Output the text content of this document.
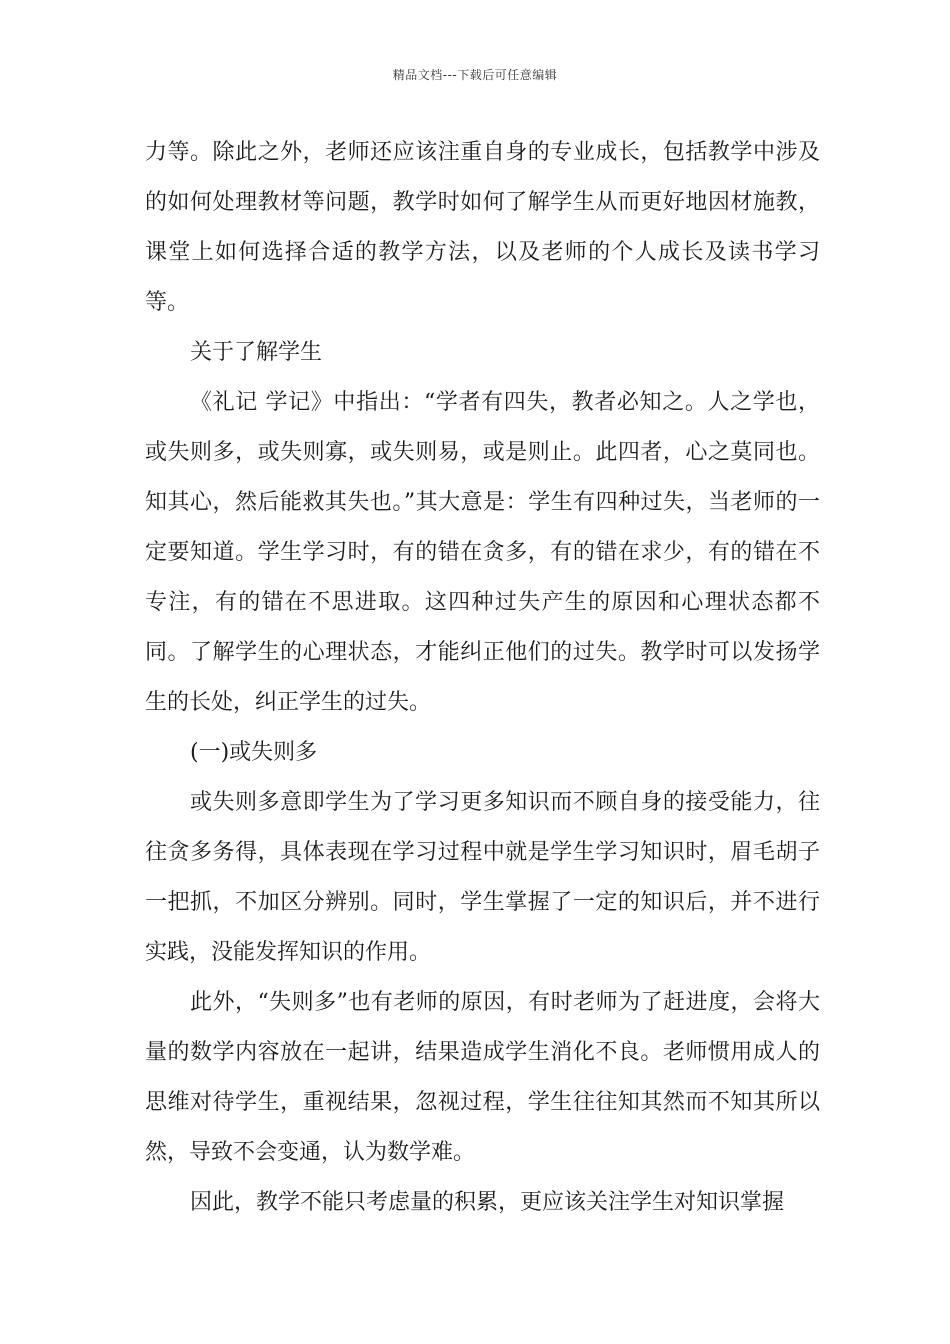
精品文档---下载后可任意编辑

力等。除此之外，老师还应该注重自身的专业成长，包括教学中涉及的如何处理教材等问题，教学时如何了解学生从而更好地因材施教，课堂上如何选择合适的教学方法，以及老师的个人成长及读书学习等。

关于了解学生

《礼记 学记》中指出：“学者有四失，教者必知之。人之学也，或失则多，或失则寡，或失则易，或是则止。此四者，心之莫同也。知其心，然后能救其失也。”其大意是：学生有四种过失，当老师的一定要知道。学生学习时，有的错在贪多，有的错在求少，有的错在不专注，有的错在不思进取。这四种过失产生的原因和心理状态都不同。了解学生的心理状态，才能纠正他们的过失。教学时可以发扬学生的长处，纠正学生的过失。

(一)或失则多

或失则多意即学生为了学习更多知识而不顾自身的接受能力，往往贪多务得，具体表现在学习过程中就是学生学习知识时，眉毛胡子一把抓，不加区分辨别。同时，学生掌握了一定的知识后，并不进行实践，没能发挥知识的作用。

此外，“失则多”也有老师的原因，有时老师为了赶进度，会将大量的数学内容放在一起讲，结果造成学生消化不良。老师惯用成人的思维对待学生，重视结果，忽视过程，学生往往知其然而不知其所以然，导致不会变通，认为数学难。

因此，教学不能只考虑量的积累，更应该关注学生对知识掌握
